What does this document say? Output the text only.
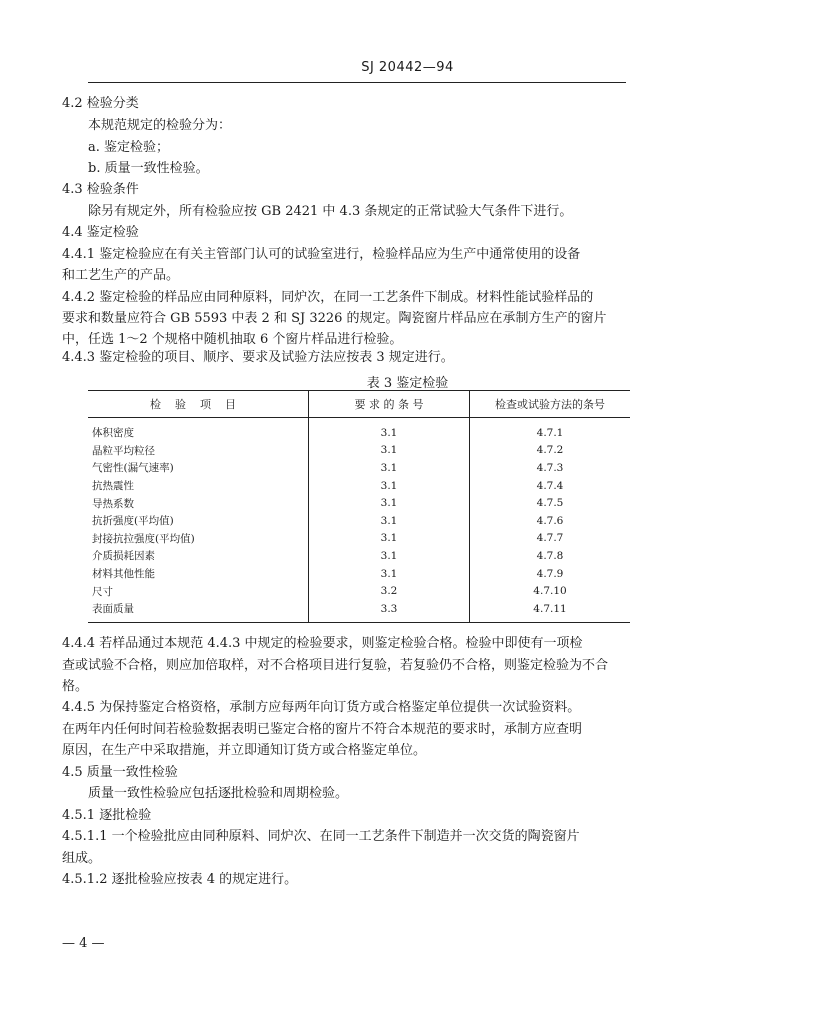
SJ 20442—94
4.2 检验分类
本规范规定的检验分为：
a. 鉴定检验；
b. 质量一致性检验。
4.3 检验条件
除另有规定外，所有检验应按 GB 2421 中 4.3 条规定的正常试验大气条件下进行。
4.4 鉴定检验
4.4.1 鉴定检验应在有关主管部门认可的试验室进行，检验样品应为生产中通常使用的设备
和工艺生产的产品。
4.4.2 鉴定检验的样品应由同种原料，同炉次，在同一工艺条件下制成。材料性能试验样品的
要求和数量应符合 GB 5593 中表 2 和 SJ 3226 的规定。陶瓷窗片样品应在承制方生产的窗片
中，任选 1～2 个规格中随机抽取 6 个窗片样品进行检验。
4.4.3 鉴定检验的项目、顺序、要求及试验方法应按表 3 规定进行。
表 3 鉴定检验
检验项目	要 求 的 条 号	检查或试验方法的条号
体积密度	3.1	4.7.1
晶粒平均粒径	3.1	4.7.2
气密性(漏气速率)	3.1	4.7.3
抗热震性	3.1	4.7.4
导热系数	3.1	4.7.5
抗折强度(平均值)	3.1	4.7.6
封接抗拉强度(平均值)	3.1	4.7.7
介质损耗因素	3.1	4.7.8
材料其他性能	3.1	4.7.9
尺寸	3.2	4.7.10
表面质量	3.3	4.7.11
4.4.4 若样品通过本规范 4.4.3 中规定的检验要求，则鉴定检验合格。检验中即使有一项检
查或试验不合格，则应加倍取样，对不合格项目进行复验，若复验仍不合格，则鉴定检验为不合
格。
4.4.5 为保持鉴定合格资格，承制方应每两年向订货方或合格鉴定单位提供一次试验资料。
在两年内任何时间若检验数据表明已鉴定合格的窗片不符合本规范的要求时，承制方应查明
原因，在生产中采取措施，并立即通知订货方或合格鉴定单位。
4.5 质量一致性检验
质量一致性检验应包括逐批检验和周期检验。
4.5.1 逐批检验
4.5.1.1 一个检验批应由同种原料、同炉次、在同一工艺条件下制造并一次交货的陶瓷窗片
组成。
4.5.1.2 逐批检验应按表 4 的规定进行。
— 4 —
